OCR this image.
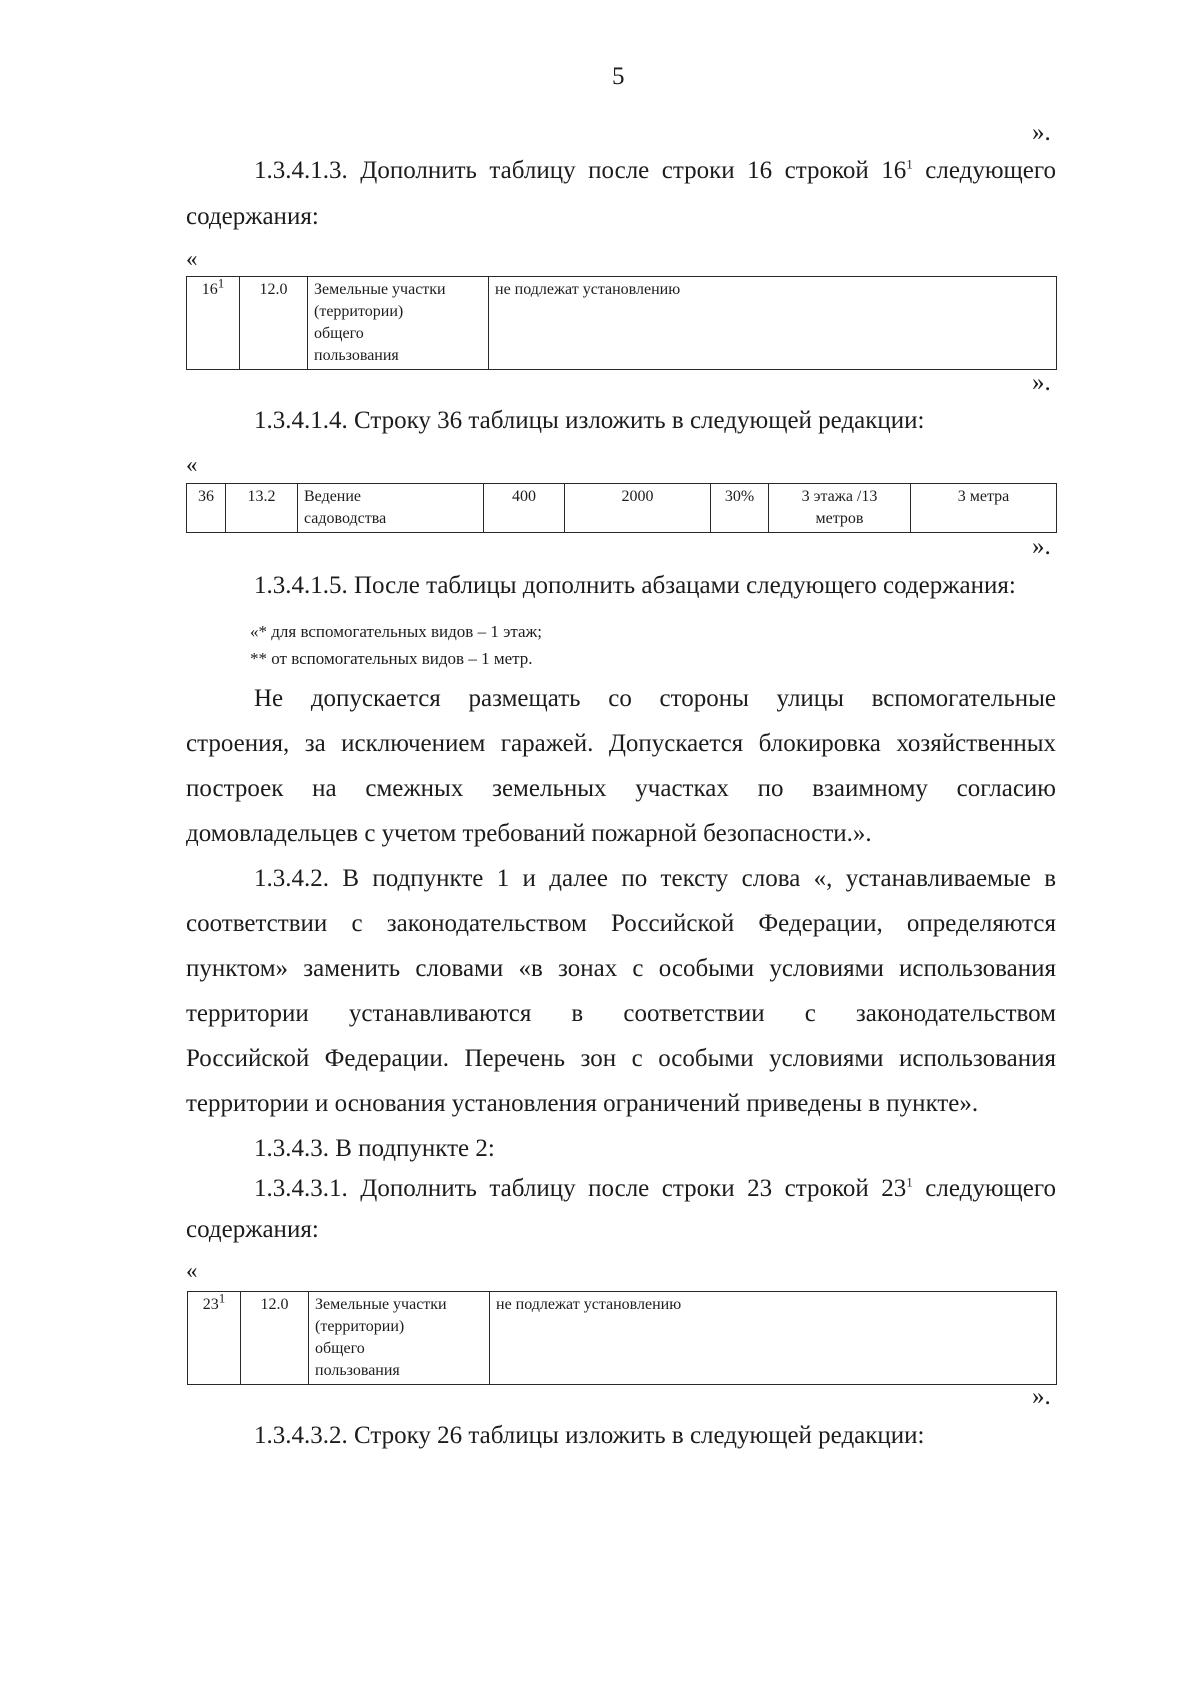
5
».
1.3.4.1.3. Дополнить таблицу после строки 16 строкой $16^1$ следующего
содержания:
«
$16^1$	12.0	Земельные участки
(территории)
общего
пользования
	не подлежат установлению
».
1.3.4.1.4. Строку 36 таблицы изложить в следующей редакции:
«
36	13.2	Ведение
садоводства
	400	2000	30%	3 этажа /13
метров
	3 метра
».
1.3.4.1.5. После таблицы дополнить абзацами следующего содержания:
«* для вспомогательных видов – 1 этаж;
** от вспомогательных видов – 1 метр.
Не допускается размещать со стороны улицы вспомогательные
строения, за исключением гаражей. Допускается блокировка хозяйственных
построек на смежных земельных участках по взаимному согласию
домовладельцев с учетом требований пожарной безопасности.».
1.3.4.2. В подпункте 1 и далее по тексту слова «, устанавливаемые в
соответствии с законодательством Российской Федерации, определяются
пунктом» заменить словами «в зонах с особыми условиями использования
территории устанавливаются в соответствии с законодательством
Российской Федерации. Перечень зон с особыми условиями использования
территории и основания установления ограничений приведены в пункте».
1.3.4.3. В подпункте 2:
1.3.4.3.1. Дополнить таблицу после строки 23 строкой $23^1$ следующего
содержания:
«
$23^1$	12.0	Земельные участки
(территории)
общего
пользования
	не подлежат установлению
».
1.3.4.3.2. Строку 26 таблицы изложить в следующей редакции:
